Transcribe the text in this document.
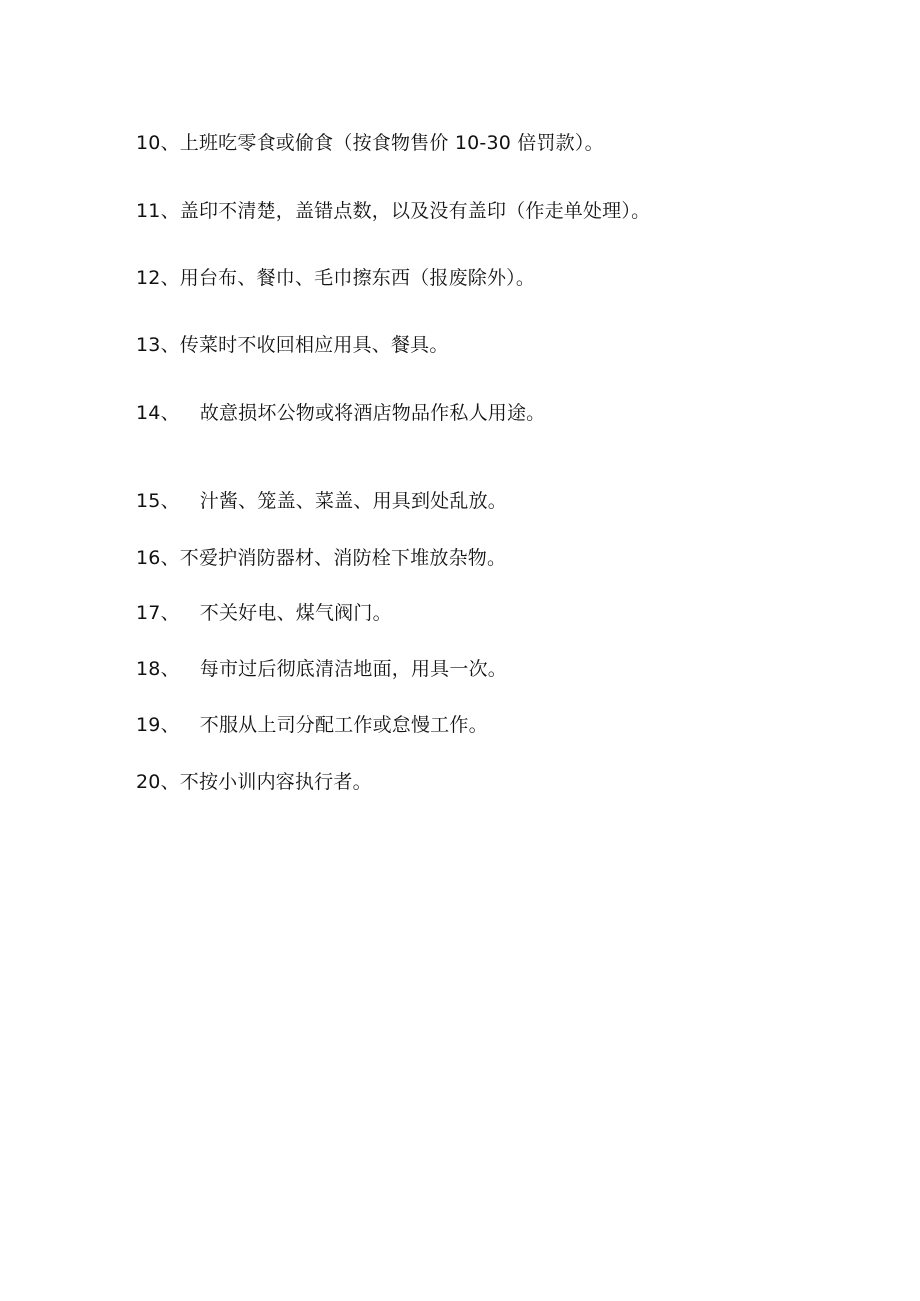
10、上班吃零食或偷食（按食物售价 10-30 倍罚款）。
11、盖印不清楚，盖错点数，以及没有盖印（作走单处理）。
12、用台布、餐巾、毛巾擦东西（报废除外）。
13、传菜时不收回相应用具、餐具。
14、 故意损坏公物或将酒店物品作私人用途。
15、 汁酱、笼盖、菜盖、用具到处乱放。
16、不爱护消防器材、消防栓下堆放杂物。
17、 不关好电、煤气阀门。
18、 每市过后彻底清洁地面，用具一次。
19、 不服从上司分配工作或怠慢工作。
20、不按小训内容执行者。
